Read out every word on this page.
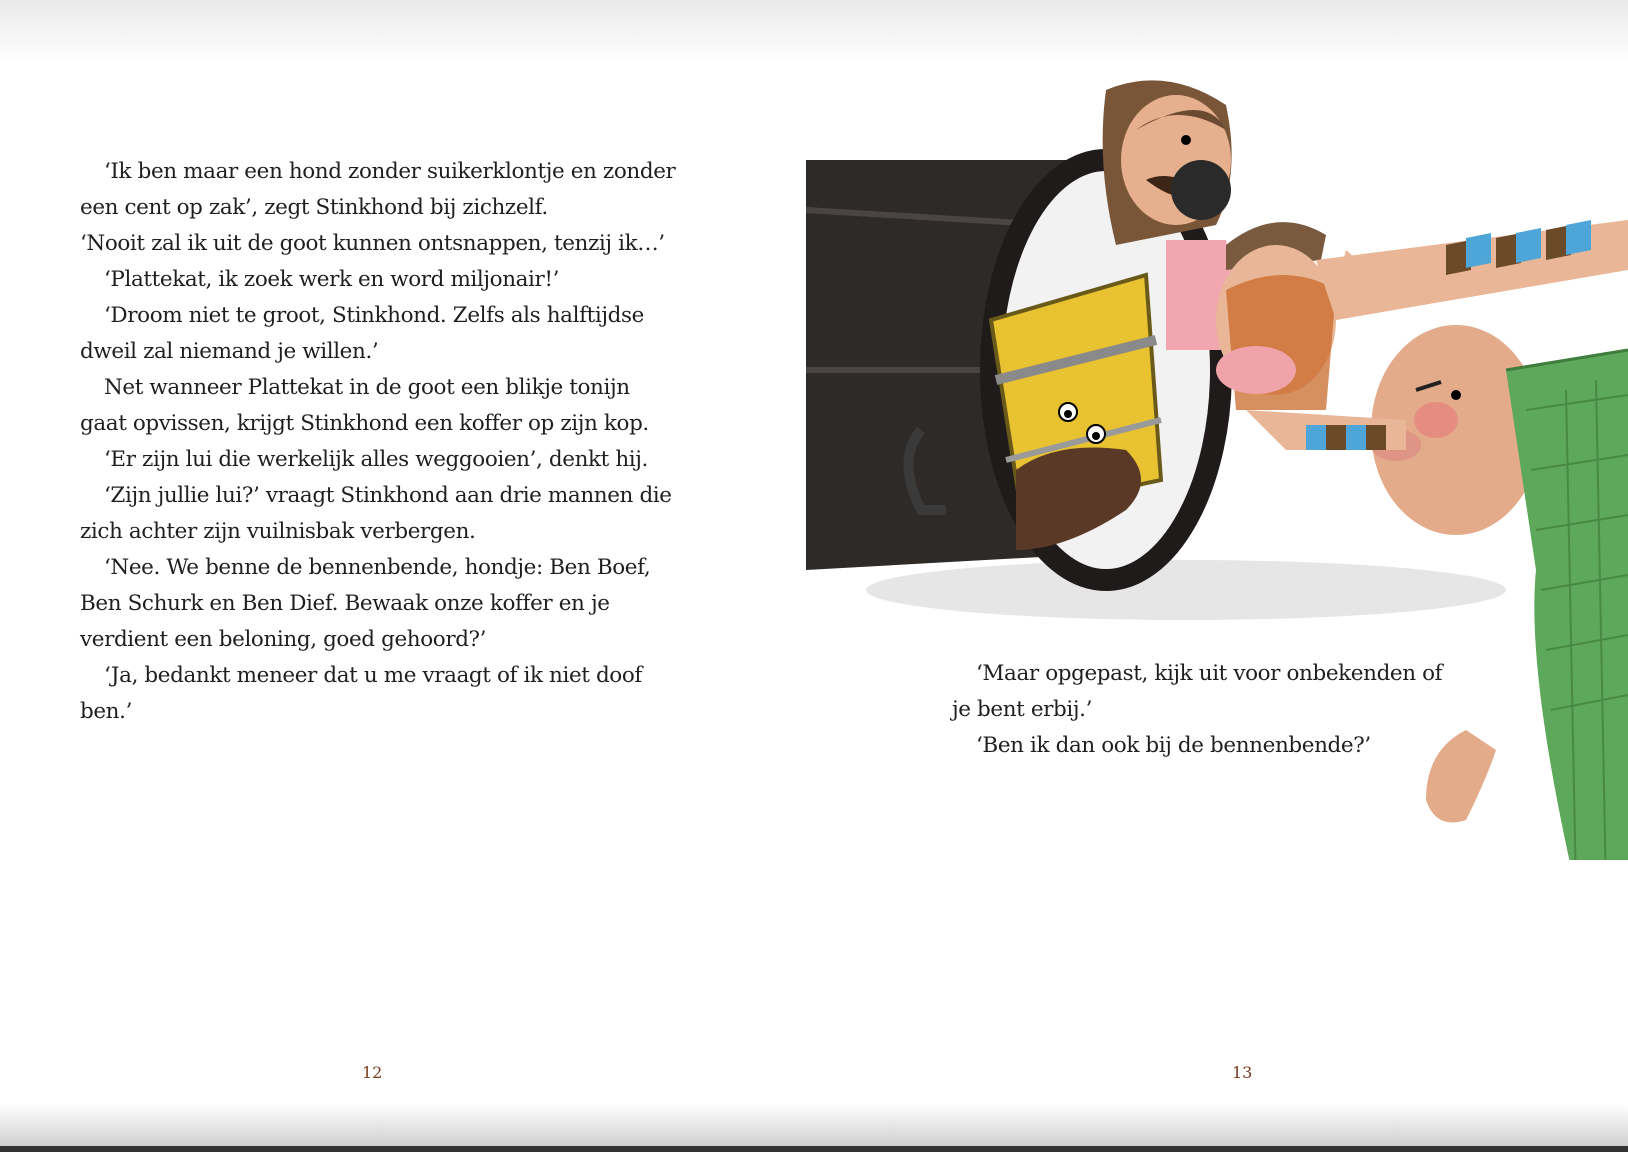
‘Ik ben maar een hond zonder suikerklontje en zonder een cent op zak’, zegt Stinkhond bij zichzelf.

‘Nooit zal ik uit de goot kunnen ontsnappen, tenzij ik…’

‘Plattekat, ik zoek werk en word miljonair!’

‘Droom niet te groot, Stinkhond. Zelfs als halftijdse dweil zal niemand je willen.’

Net wanneer Plattekat in de goot een blikje tonijn gaat opvissen, krijgt Stinkhond een koffer op zijn kop.

‘Er zijn lui die werkelijk alles weggooien’, denkt hij.

‘Zijn jullie lui?’ vraagt Stinkhond aan drie mannen die zich achter zijn vuilnisbak verbergen.

‘Nee. We benne de bennenbende, hondje: Ben Boef, Ben Schurk en Ben Dief. Bewaak onze koffer en je verdient een beloning, goed gehoord?’

‘Ja, bedankt meneer dat u me vraagt of ik niet doof ben.’

12

‘Maar opgepast, kijk uit voor onbekenden of je bent erbij.’

‘Ben ik dan ook bij de bennenbende?’

13
